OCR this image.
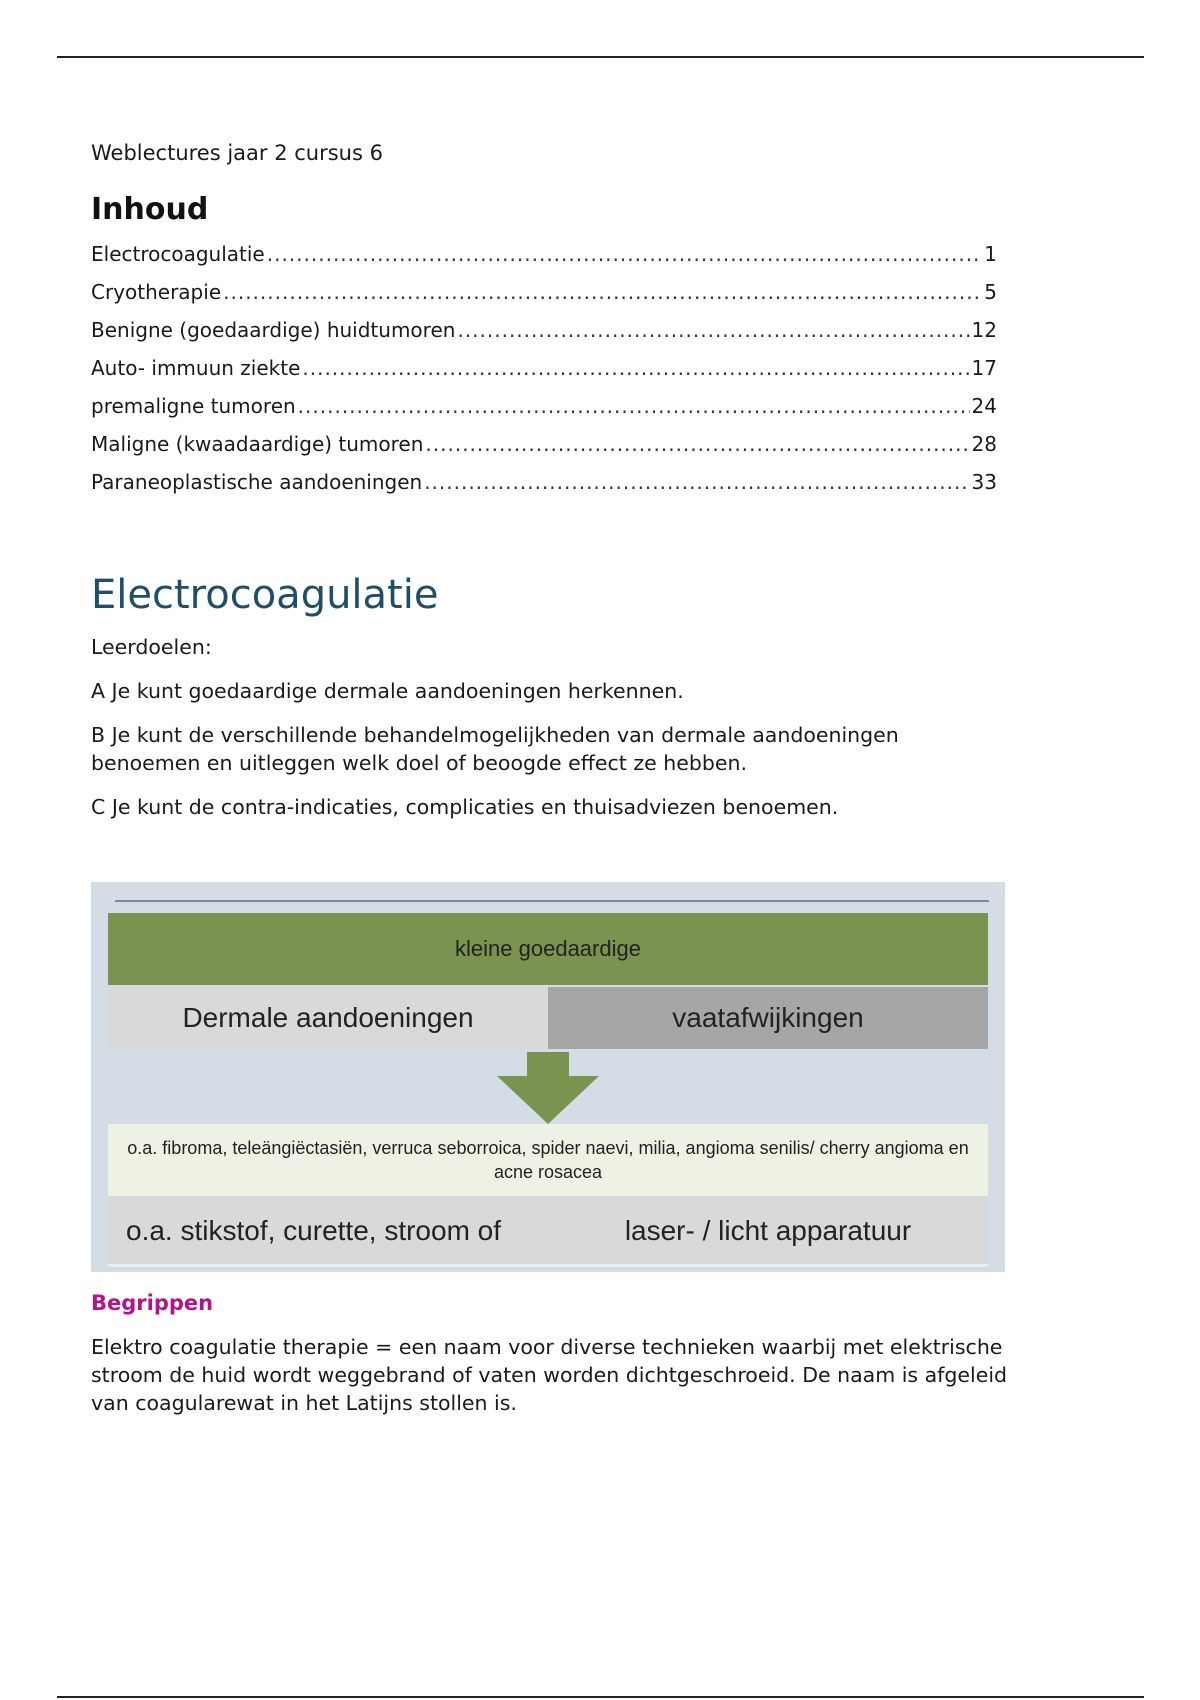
Weblectures jaar 2 cursus 6
Inhoud
Electrocoagulatie .....	1
Cryotherapie .....	5
Benigne (goedaardige) huidtumoren .....	12
Auto- immuun ziekte .....	17
premaligne tumoren .....	24
Maligne (kwaadaardige) tumoren .....	28
Paraneoplastische aandoeningen .....	33
Electrocoagulatie
Leerdoelen:
A Je kunt goedaardige dermale aandoeningen herkennen.
B Je kunt de verschillende behandelmogelijkheden van dermale aandoeningen benoemen en uitleggen welk doel of beoogde effect ze hebben.
C Je kunt de contra-indicaties, complicaties en thuisadviezen benoemen.
Begrippen
Elektro coagulatie therapie = een naam voor diverse technieken waarbij met elektrische stroom de huid wordt weggebrand of vaten worden dichtgeschroeid. De naam is afgeleid van coagularewat in het Latijns stollen is.
kleine goedaardige
Dermale aandoeningen	vaatafwijkingen
o.a. fibroma, teleängiëctasiën, verruca seborroica, spider naevi, milia, angioma senilis/ cherry angioma en acne rosacea
o.a. stikstof, curette, stroom of	laser- / licht apparatuur
